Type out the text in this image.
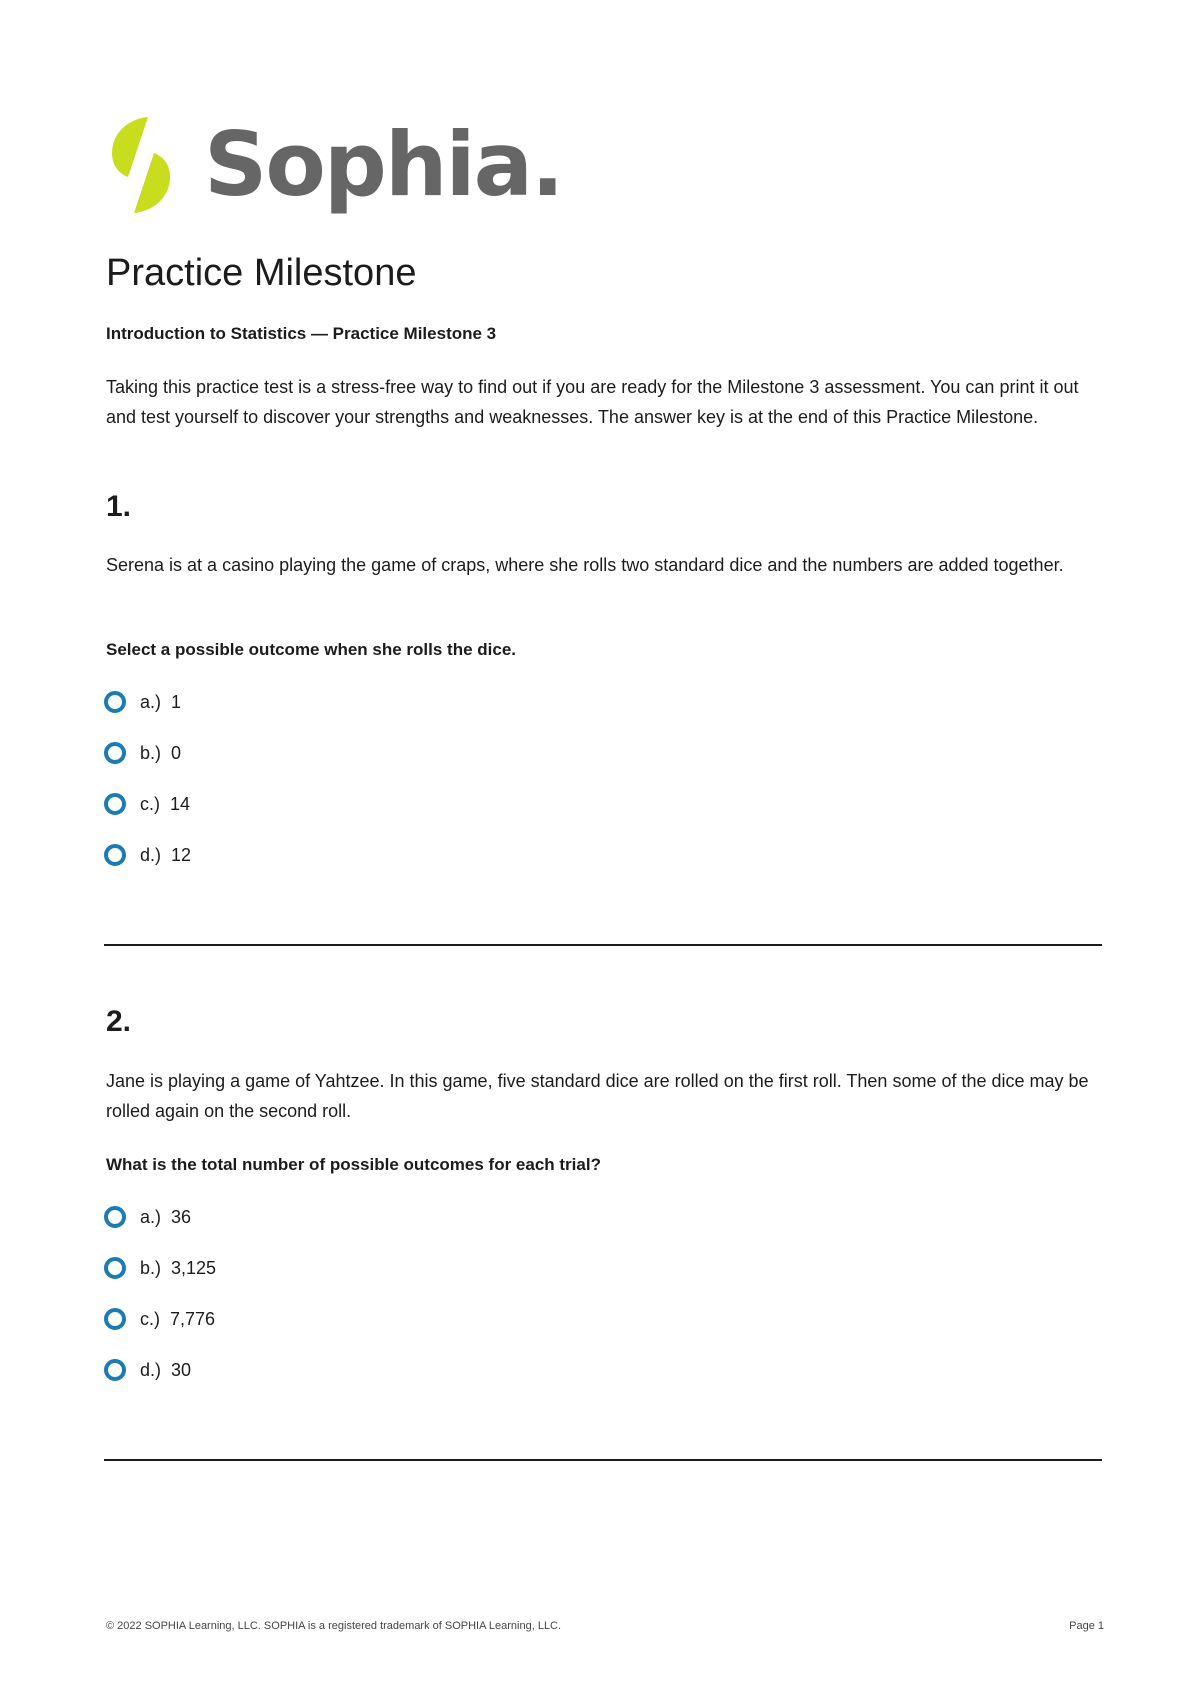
Sophia.
Practice Milestone

Introduction to Statistics — Practice Milestone 3

Taking this practice test is a stress-free way to find out if you are ready for the Milestone 3 assessment. You can print it out and test yourself to discover your strengths and weaknesses. The answer key is at the end of this Practice Milestone.

1.

Serena is at a casino playing the game of craps, where she rolls two standard dice and the numbers are added together.

Select a possible outcome when she rolls the dice.

a.) 1
b.) 0
c.) 14
d.) 12

2.

Jane is playing a game of Yahtzee. In this game, five standard dice are rolled on the first roll. Then some of the dice may be rolled again on the second roll.

What is the total number of possible outcomes for each trial?

a.) 36
b.) 3,125
c.) 7,776
d.) 30
© 2022 SOPHIA Learning, LLC. SOPHIA is a registered trademark of SOPHIA Learning, LLC.	Page 1
